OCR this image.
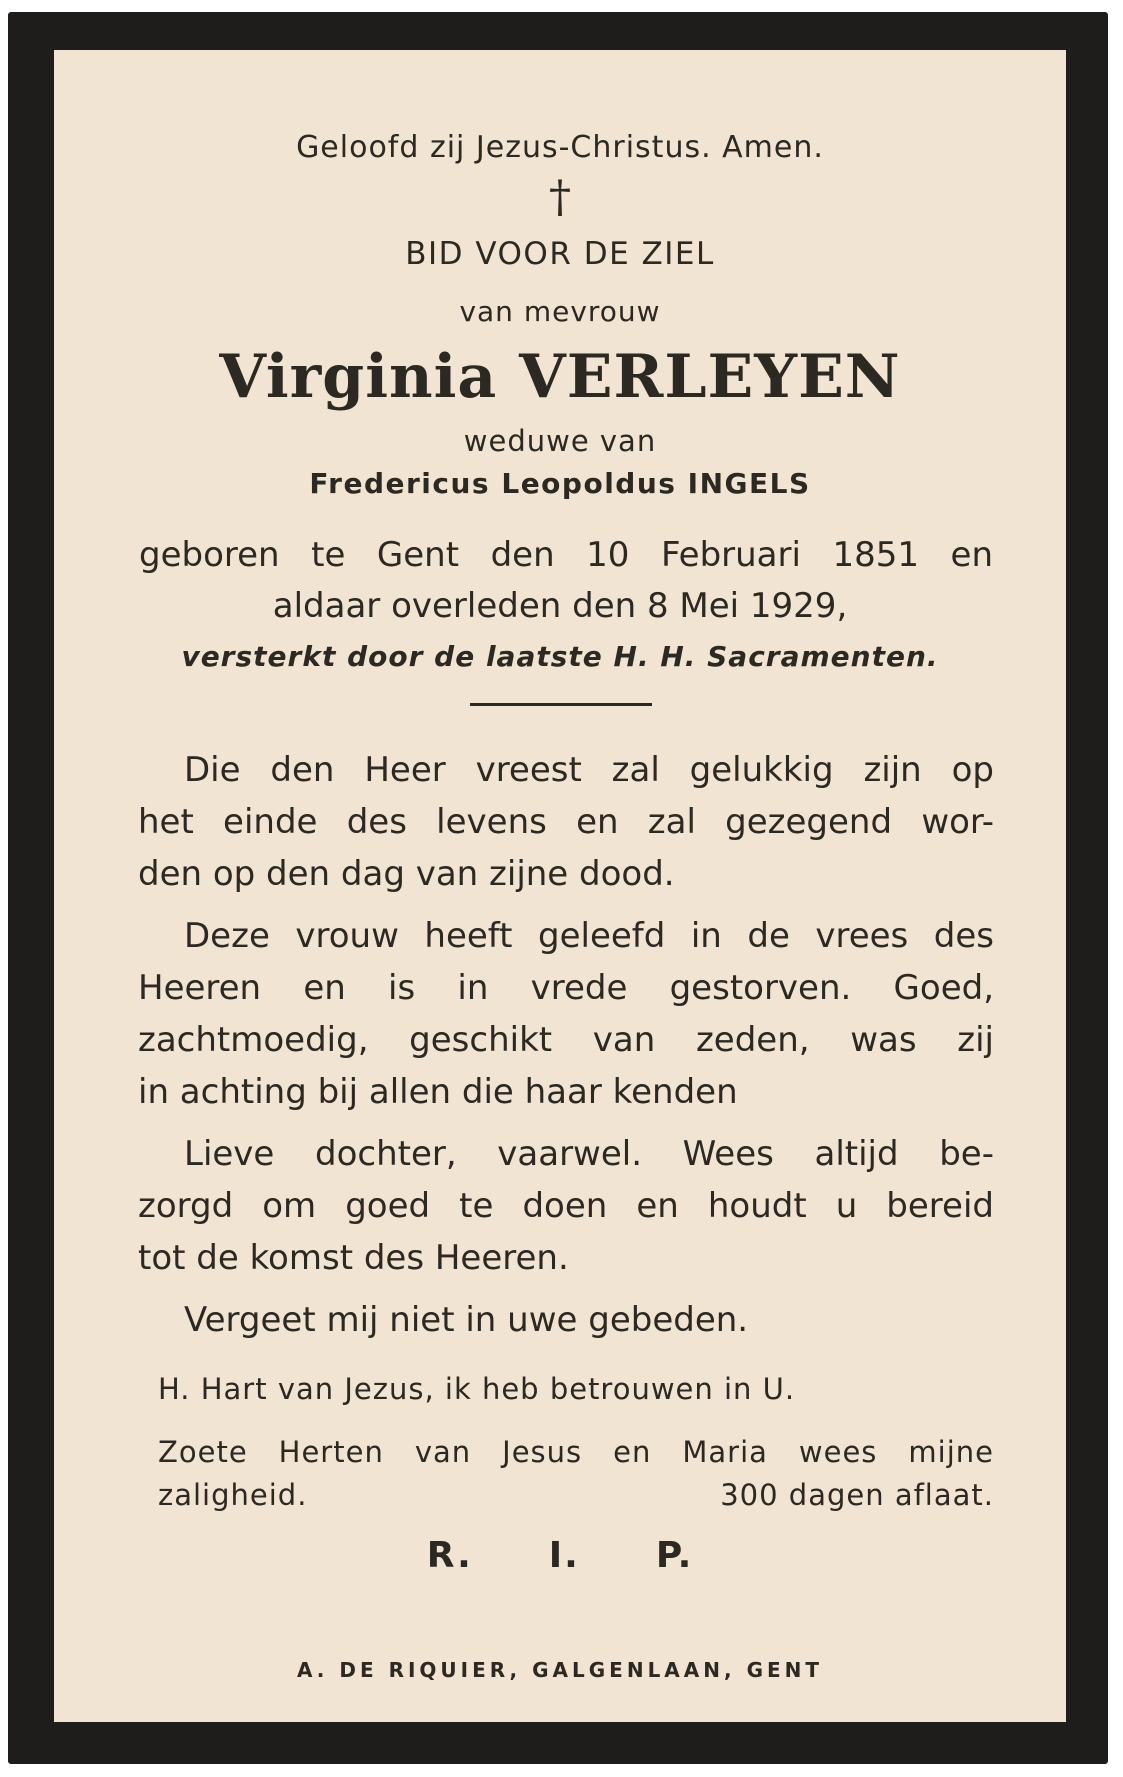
Geloofd zij Jezus-Christus. Amen.

†

BID VOOR DE ZIEL

van mevrouw

Virginia VERLEYEN

weduwe van

Fredericus Leopoldus INGELS

geboren te Gent den 10 Februari 1851 en

aldaar overleden den 8 Mei 1929,

versterkt door de laatste H. H. Sacramenten.

Die den Heer vreest zal gelukkig zijn op

het einde des levens en zal gezegend wor-

den op den dag van zijne dood.

Deze vrouw heeft geleefd in de vrees des

Heeren en is in vrede gestorven. Goed,

zachtmoedig, geschikt van zeden, was zij

in achting bij allen die haar kenden

Lieve dochter, vaarwel. Wees altijd be-

zorgd om goed te doen en houdt u bereid

tot de komst des Heeren.

Vergeet mij niet in uwe gebeden.

H. Hart van Jezus, ik heb betrouwen in U.

Zoete Herten van Jesus en Maria wees mijne

zaligheid.	300 dagen aflaat.

R. I. P.

A. DE RIQUIER, GALGENLAAN, GENT
